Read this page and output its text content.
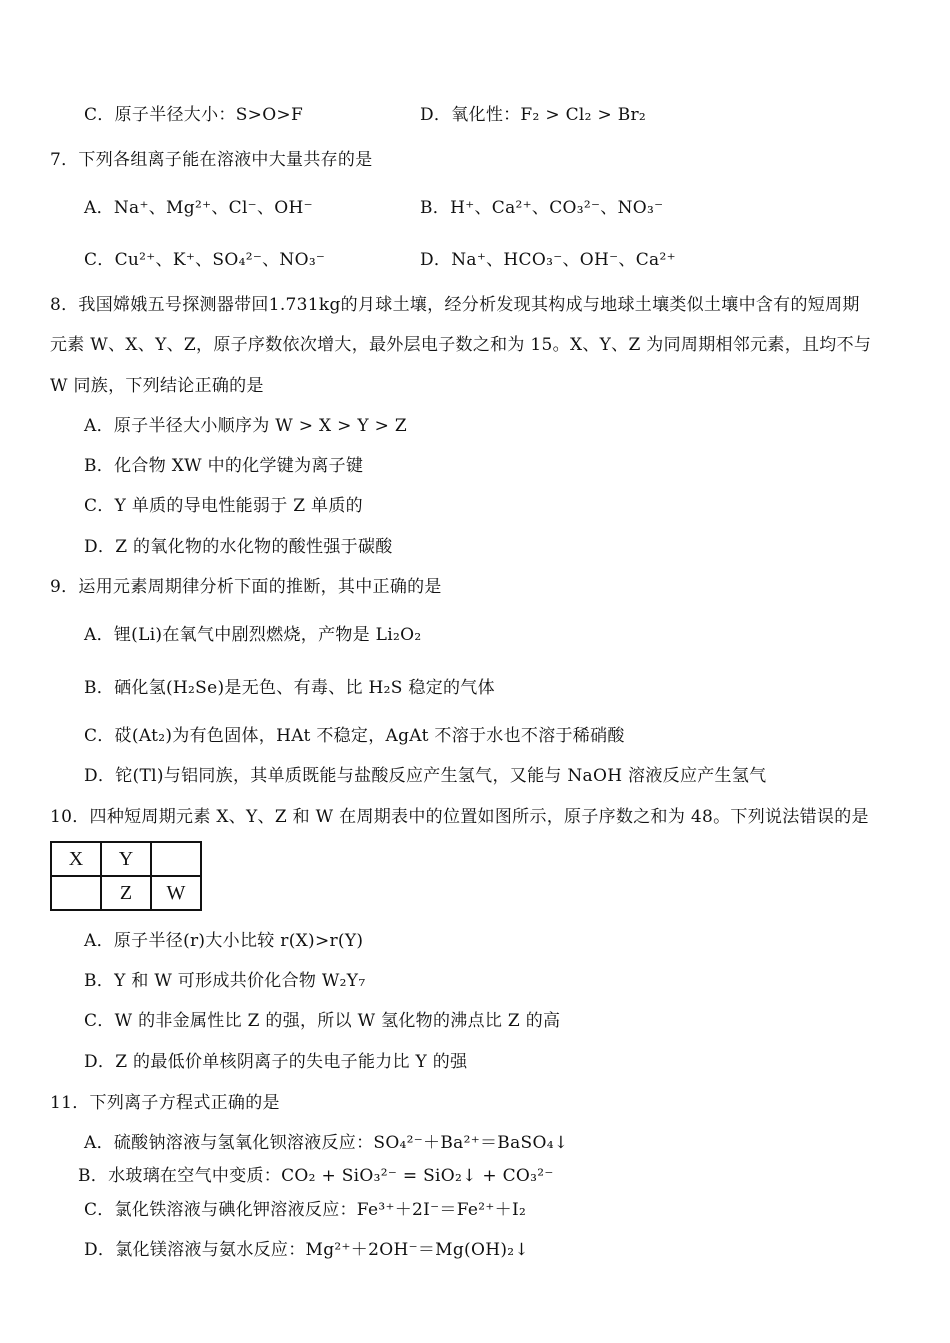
C．原子半径大小：S>O>F	D．氧化性：F₂ > Cl₂ > Br₂
7．下列各组离子能在溶液中大量共存的是
A．Na⁺、Mg²⁺、Cl⁻、OH⁻	B．H⁺、Ca²⁺、CO₃²⁻、NO₃⁻
C．Cu²⁺、K⁺、SO₄²⁻、NO₃⁻	D．Na⁺、HCO₃⁻、OH⁻、Ca²⁺
8．我国嫦娥五号探测器带回1.731kg的月球土壤，经分析发现其构成与地球土壤类似土壤中含有的短周期
元素 W、X、Y、Z，原子序数依次增大，最外层电子数之和为 15。X、Y、Z 为同周期相邻元素，且均不与
W 同族，下列结论正确的是
A．原子半径大小顺序为 W > X > Y > Z
B．化合物 XW 中的化学键为离子键
C．Y 单质的导电性能弱于 Z 单质的
D．Z 的氧化物的水化物的酸性强于碳酸
9．运用元素周期律分析下面的推断，其中正确的是
A．锂(Li)在氧气中剧烈燃烧，产物是 Li₂O₂
B．硒化氢(H₂Se)是无色、有毒、比 H₂S 稳定的气体
C．砹(At₂)为有色固体，HAt 不稳定，AgAt 不溶于水也不溶于稀硝酸
D．铊(Tl)与铝同族，其单质既能与盐酸反应产生氢气，又能与 NaOH 溶液反应产生氢气
10．四种短周期元素 X、Y、Z 和 W 在周期表中的位置如图所示，原子序数之和为 48。下列说法错误的是
X	Y	
	Z	W
A．原子半径(r)大小比较 r(X)>r(Y)
B．Y 和 W 可形成共价化合物 W₂Y₇
C．W 的非金属性比 Z 的强，所以 W 氢化物的沸点比 Z 的高
D．Z 的最低价单核阴离子的失电子能力比 Y 的强
11．下列离子方程式正确的是
A．硫酸钠溶液与氢氧化钡溶液反应：SO₄²⁻＋Ba²⁺＝BaSO₄↓
B．水玻璃在空气中变质：CO₂ + SiO₃²⁻ = SiO₂↓ + CO₃²⁻
C．氯化铁溶液与碘化钾溶液反应：Fe³⁺＋2I⁻＝Fe²⁺＋I₂
D．氯化镁溶液与氨水反应：Mg²⁺＋2OH⁻＝Mg(OH)₂↓
